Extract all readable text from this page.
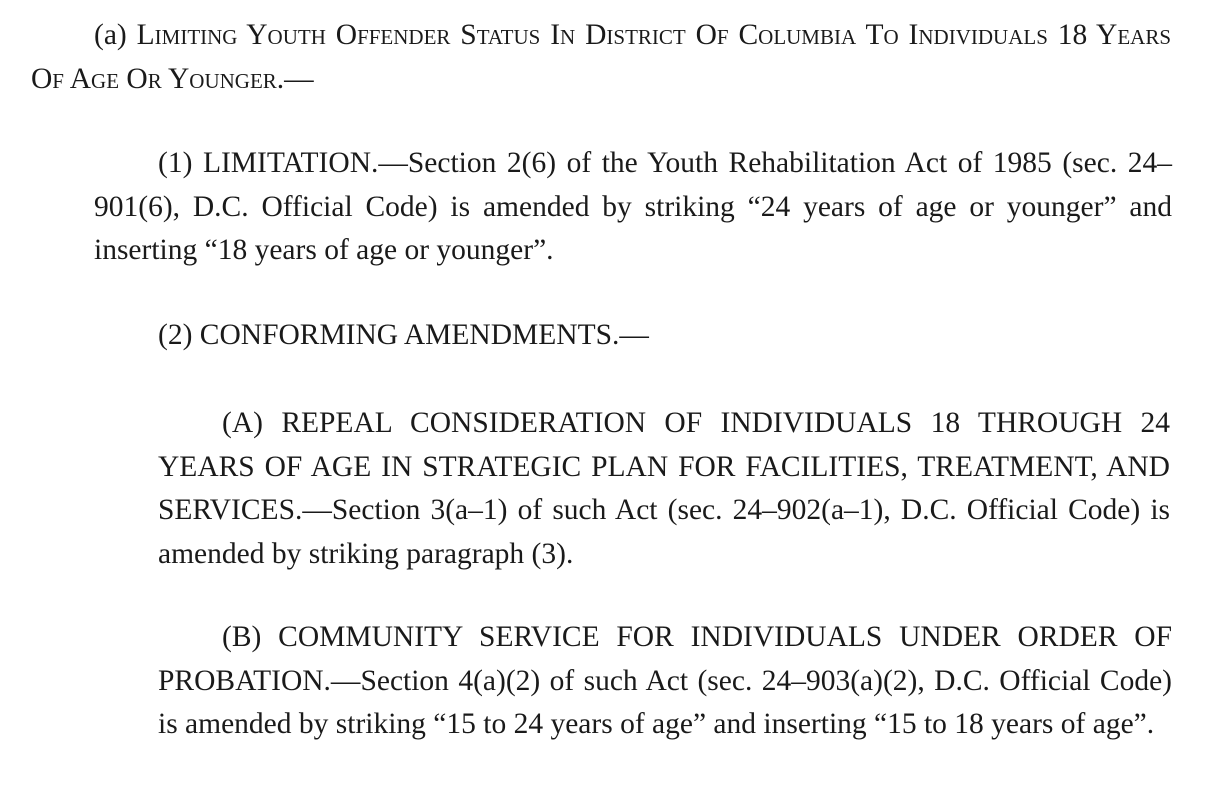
(a) Limiting Youth Offender Status In District Of Columbia To Individuals 18 Years Of Age Or Younger.—

(1) LIMITATION.—Section 2(6) of the Youth Rehabilitation Act of 1985 (sec. 24–901(6), D.C. Official Code) is amended by striking “24 years of age or younger” and inserting “18 years of age or younger”.

(2) CONFORMING AMENDMENTS.—

(A) REPEAL CONSIDERATION OF INDIVIDUALS 18 THROUGH 24 YEARS OF AGE IN STRATEGIC PLAN FOR FACILITIES, TREATMENT, AND SERVICES.—Section 3(a–1) of such Act (sec. 24–902(a–1), D.C. Official Code) is amended by striking paragraph (3).

(B) COMMUNITY SERVICE FOR INDIVIDUALS UNDER ORDER OF PROBATION.—Section 4(a)(2) of such Act (sec. 24–903(a)(2), D.C. Official Code) is amended by striking “15 to 24 years of age” and inserting “15 to 18 years of age”.
